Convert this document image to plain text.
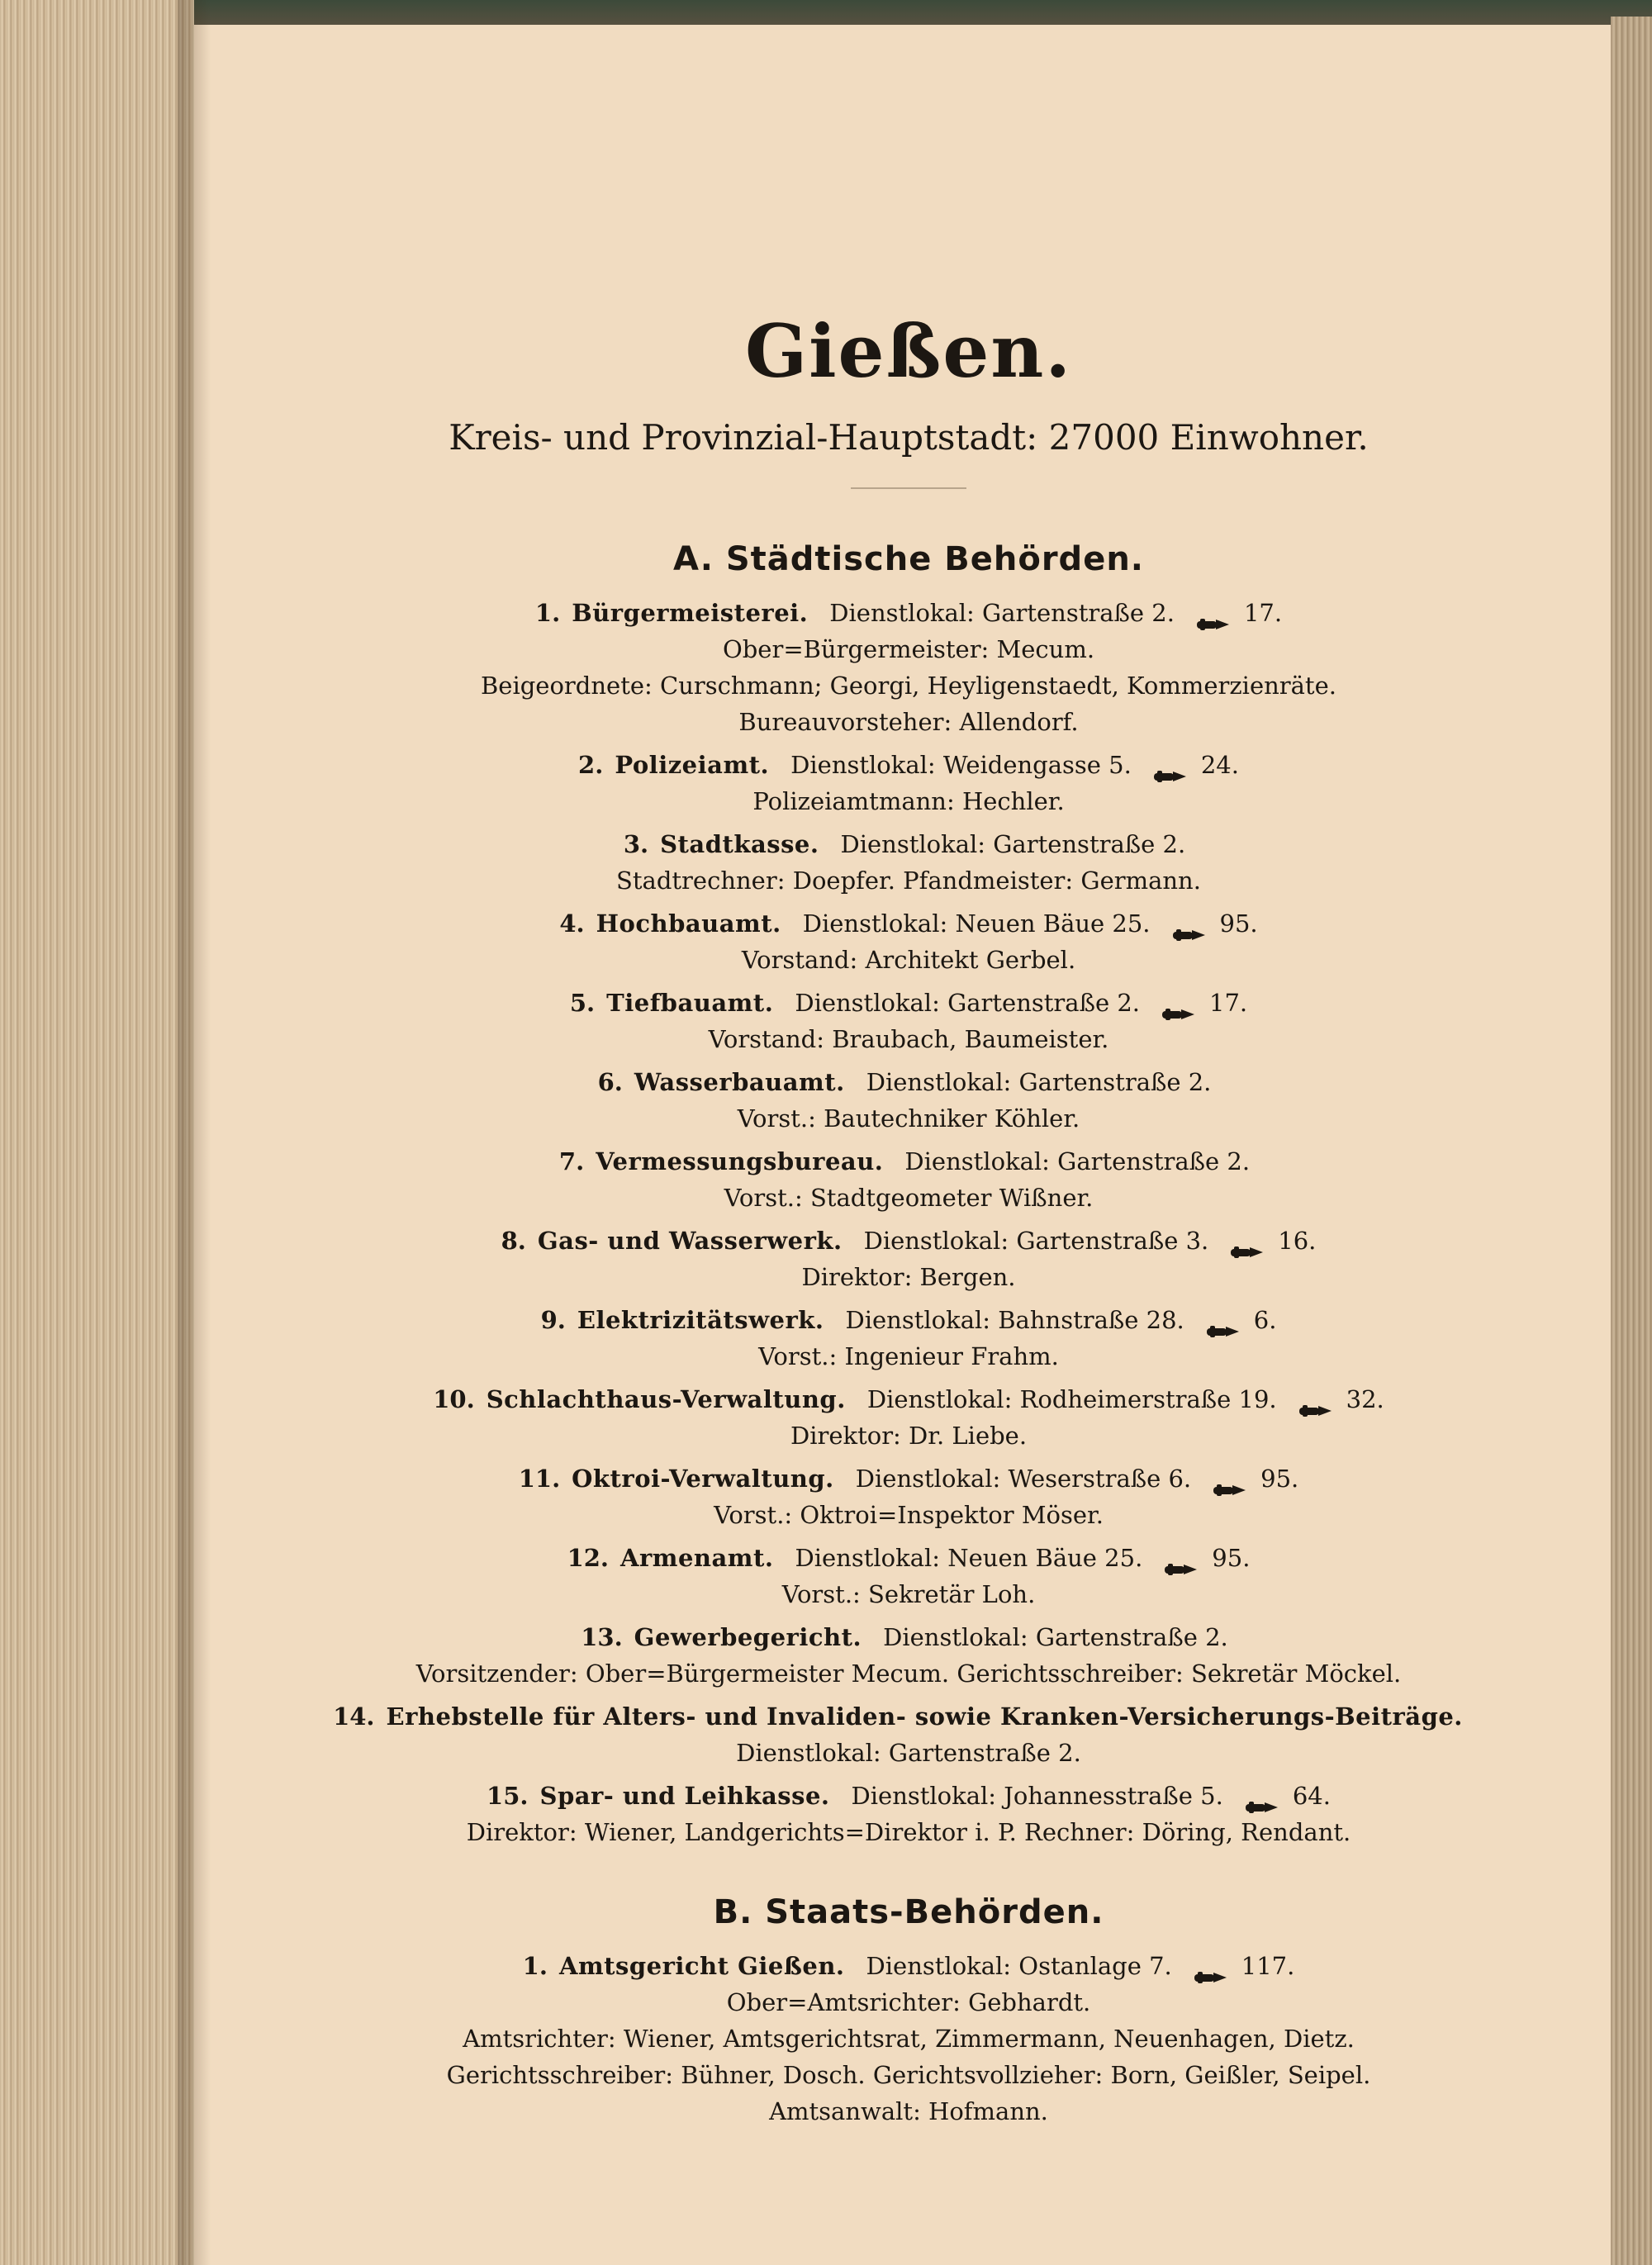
Gießen.
Kreis- und Provinzial-Hauptstadt: 27000 Einwohner.
A. Städtische Behörden.
1. Bürgermeisterei. Dienstlokal: Gartenstraße 2.	17.
Ober=Bürgermeister: Mecum.
Beigeordnete: Curschmann; Georgi, Heyligenstaedt, Kommerzienräte.
Bureauvorsteher: Allendorf.
2. Polizeiamt. Dienstlokal: Weidengasse 5.	24.
Polizeiamtmann: Hechler.
3. Stadtkasse. Dienstlokal: Gartenstraße 2.
Stadtrechner: Doepfer. Pfandmeister: Germann.
4. Hochbauamt. Dienstlokal: Neuen Bäue 25.	95.
Vorstand: Architekt Gerbel.
5. Tiefbauamt. Dienstlokal: Gartenstraße 2.	17.
Vorstand: Braubach, Baumeister.
6. Wasserbauamt. Dienstlokal: Gartenstraße 2.
Vorst.: Bautechniker Köhler.
7. Vermessungsbureau. Dienstlokal: Gartenstraße 2.
Vorst.: Stadtgeometer Wißner.
8. Gas- und Wasserwerk. Dienstlokal: Gartenstraße 3.	16.
Direktor: Bergen.
9. Elektrizitätswerk. Dienstlokal: Bahnstraße 28.	6.
Vorst.: Ingenieur Frahm.
10. Schlachthaus-Verwaltung. Dienstlokal: Rodheimerstraße 19.	32.
Direktor: Dr. Liebe.
11. Oktroi-Verwaltung. Dienstlokal: Weserstraße 6.	95.
Vorst.: Oktroi=Inspektor Möser.
12. Armenamt. Dienstlokal: Neuen Bäue 25.	95.
Vorst.: Sekretär Loh.
13. Gewerbegericht. Dienstlokal: Gartenstraße 2.
Vorsitzender: Ober=Bürgermeister Mecum. Gerichtsschreiber: Sekretär Möckel.
14. Erhebstelle für Alters- und Invaliden- sowie Kranken-Versicherungs-Beiträge.
Dienstlokal: Gartenstraße 2.
15. Spar- und Leihkasse. Dienstlokal: Johannesstraße 5.	64.
Direktor: Wiener, Landgerichts=Direktor i. P. Rechner: Döring, Rendant.
B. Staats-Behörden.
1. Amtsgericht Gießen. Dienstlokal: Ostanlage 7.	117.
Ober=Amtsrichter: Gebhardt.
Amtsrichter: Wiener, Amtsgerichtsrat, Zimmermann, Neuenhagen, Dietz.
Gerichtsschreiber: Bühner, Dosch. Gerichtsvollzieher: Born, Geißler, Seipel.
Amtsanwalt: Hofmann.
